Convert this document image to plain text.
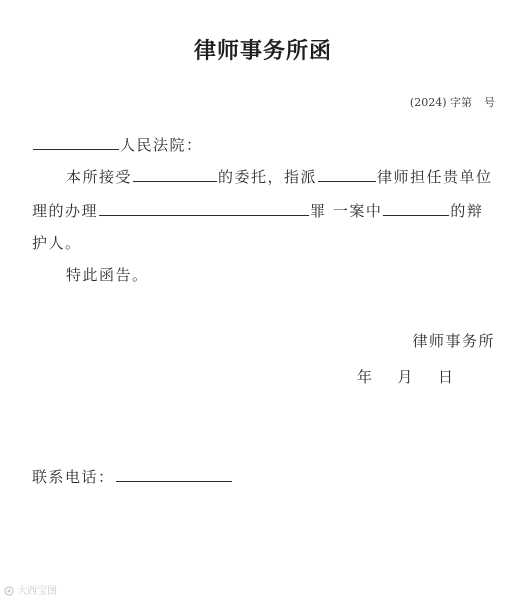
律师事务所函
(2024) 字第 号
人民法院：
本所接受	的委托，指派	律师担任贵单位
理的办理	罪 一案中	的辩
护人。
特此函告。
律师事务所
年 月 日
联系电话：
大西宝图
